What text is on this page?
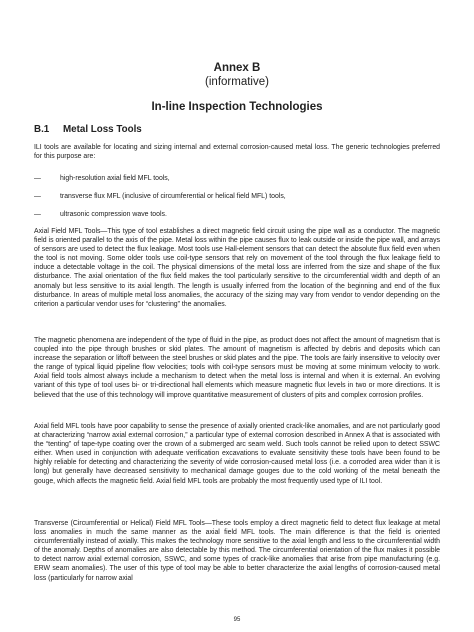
Annex B
(informative)
In-line Inspection Technologies
B.1 Metal Loss Tools

ILI tools are available for locating and sizing internal and external corrosion-caused metal loss. The generic technologies preferred for this purpose are:

—	high-resolution axial field MFL tools,
—	transverse flux MFL (inclusive of circumferential or helical field MFL) tools,
—	ultrasonic compression wave tools.

Axial Field MFL Tools—This type of tool establishes a direct magnetic field circuit using the pipe wall as a conductor. The magnetic field is oriented parallel to the axis of the pipe. Metal loss within the pipe causes flux to leak outside or inside the pipe wall, and arrays of sensors are used to detect the flux leakage. Most tools use Hall-element sensors that can detect the absolute flux field even when the tool is not moving. Some older tools use coil-type sensors that rely on movement of the tool through the flux leakage field to induce a detectable voltage in the coil. The physical dimensions of the metal loss are inferred from the size and shape of the flux disturbance. The axial orientation of the flux field makes the tool particularly sensitive to the circumferential width and depth of an anomaly but less sensitive to its axial length. The length is usually inferred from the location of the beginning and end of the flux disturbance. In areas of multiple metal loss anomalies, the accuracy of the sizing may vary from vendor to vendor depending on the criterion a particular vendor uses for “clustering” the anomalies.

The magnetic phenomena are independent of the type of fluid in the pipe, as product does not affect the amount of magnetism that is coupled into the pipe through brushes or skid plates. The amount of magnetism is affected by debris and deposits which can increase the separation or liftoff between the steel brushes or skid plates and the pipe. The tools are fairly insensitive to velocity over the range of typical liquid pipeline flow velocities; tools with coil-type sensors must be moving at some minimum velocity to work. Axial field tools almost always include a mechanism to detect when the metal loss is internal and when it is external. An evolving variant of this type of tool uses bi- or tri-directional hall elements which measure magnetic flux levels in two or more directions. It is believed that the use of this technology will improve quantitative measurement of clusters of pits and complex corrosion profiles.

Axial field MFL tools have poor capability to sense the presence of axially oriented crack-like anomalies, and are not particularly good at characterizing “narrow axial external corrosion,” a particular type of external corrosion described in Annex A that is associated with the “tenting” of tape-type coating over the crown of a submerged arc seam weld. Such tools cannot be relied upon to detect SSWC either. When used in conjunction with adequate verification excavations to evaluate sensitivity these tools have been found to be highly reliable for detecting and characterizing the severity of wide corrosion-caused metal loss (i.e. a corroded area wider than it is long) but generally have decreased sensitivity to mechanical damage gouges due to the cold working of the metal beneath the gouge, which affects the magnetic field. Axial field MFL tools are probably the most frequently used type of ILI tool.

Transverse (Circumferential or Helical) Field MFL Tools—These tools employ a direct magnetic field to detect flux leakage at metal loss anomalies in much the same manner as the axial field MFL tools. The main difference is that the field is oriented circumferentially instead of axially. This makes the technology more sensitive to the axial length and less to the circumferential width of the anomaly. Depths of anomalies are also detectable by this method. The circumferential orientation of the flux makes it possible to detect narrow axial external corrosion, SSWC, and some types of crack-like anomalies that arise from pipe manufacturing (e.g. ERW seam anomalies). The user of this type of tool may be able to better characterize the axial lengths of corrosion-caused metal loss (particularly for narrow axial

95
